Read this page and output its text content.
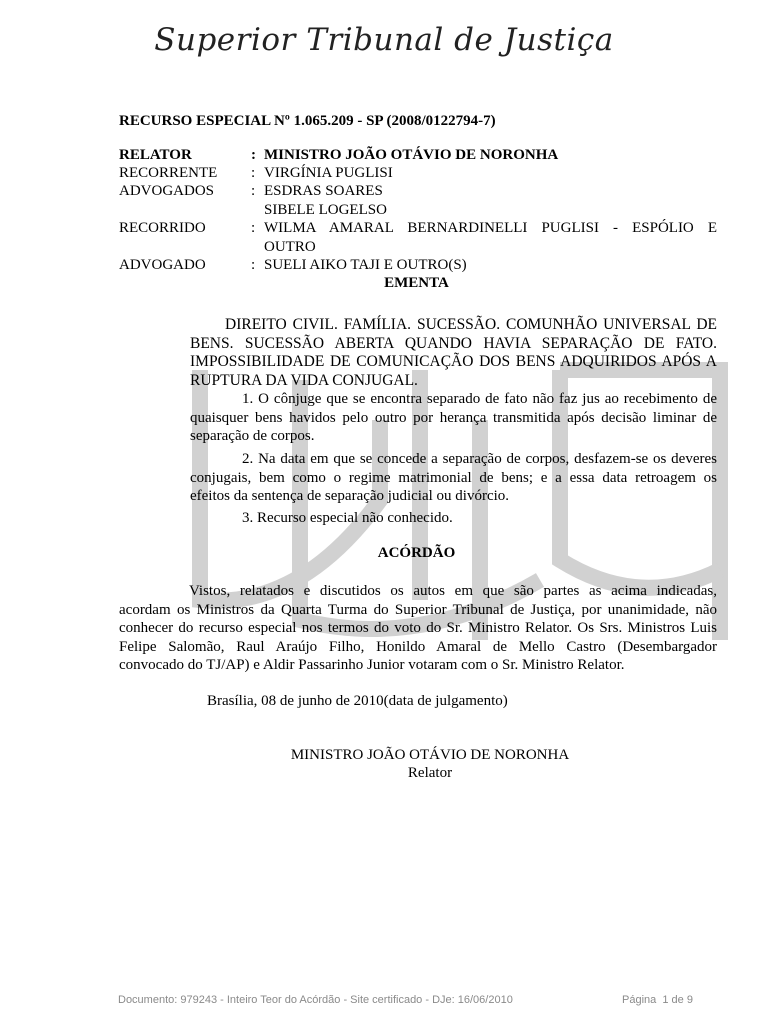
Superior Tribunal de Justiça
RECURSO ESPECIAL Nº 1.065.209 - SP (2008/0122794-7)
RELATOR	: MINISTRO JOÃO OTÁVIO DE NORONHA
RECORRENTE	: VIRGÍNIA PUGLISI
ADVOGADOS	: ESDRAS SOARES
SIBELE LOGELSO
RECORRIDO	: WILMA AMARAL BERNARDINELLI PUGLISI - ESPÓLIO E
OUTRO
ADVOGADO	: SUELI AIKO TAJI E OUTRO(S)
EMENTA
DIREITO CIVIL. FAMÍLIA. SUCESSÃO. COMUNHÃO UNIVERSAL DE
BENS. SUCESSÃO ABERTA QUANDO HAVIA SEPARAÇÃO DE FATO.
IMPOSSIBILIDADE DE COMUNICAÇÃO DOS BENS ADQUIRIDOS APÓS A
RUPTURA DA VIDA CONJUGAL.
1. O cônjuge que se encontra separado de fato não faz jus ao recebimento de
quaisquer bens havidos pelo outro por herança transmitida após decisão liminar de
separação de corpos.
2. Na data em que se concede a separação de corpos, desfazem-se os deveres
conjugais, bem como o regime matrimonial de bens; e a essa data retroagem os
efeitos da sentença de separação judicial ou divórcio.
3. Recurso especial não conhecido.
ACÓRDÃO
Vistos, relatados e discutidos os autos em que são partes as acima indicadas,
acordam os Ministros da Quarta Turma do Superior Tribunal de Justiça, por unanimidade, não
conhecer do recurso especial nos termos do voto do Sr. Ministro Relator. Os Srs. Ministros Luis
Felipe Salomão, Raul Araújo Filho, Honildo Amaral de Mello Castro (Desembargador
convocado do TJ/AP) e Aldir Passarinho Junior votaram com o Sr. Ministro Relator.
Brasília, 08 de junho de 2010(data de julgamento)
MINISTRO JOÃO OTÁVIO DE NORONHA
Relator
Documento: 979243 - Inteiro Teor do Acórdão - Site certificado - DJe: 16/06/2010	Página  1 de 9
